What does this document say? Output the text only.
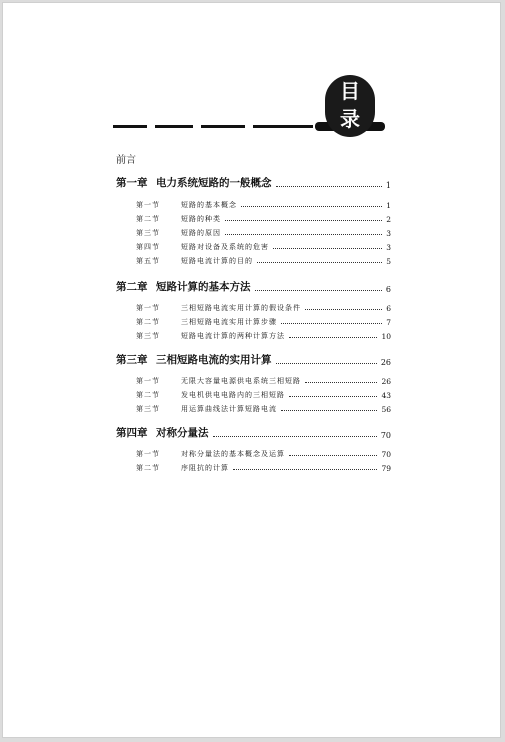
目
录
前言
第一章 电力系统短路的一般概念	1
第一节	短路的基本概念	1
第二节	短路的种类	2
第三节	短路的原因	3
第四节	短路对设备及系统的危害	3
第五节	短路电流计算的目的	5
第二章 短路计算的基本方法	6
第一节	三相短路电流实用计算的假设条件	6
第二节	三相短路电流实用计算步骤	7
第三节	短路电流计算的两种计算方法	10
第三章 三相短路电流的实用计算	26
第一节	无限大容量电源供电系统三相短路	26
第二节	发电机供电电路内的三相短路	43
第三节	用运算曲线法计算短路电流	56
第四章 对称分量法	70
第一节	对称分量法的基本概念及运算	70
第二节	序阻抗的计算	79
